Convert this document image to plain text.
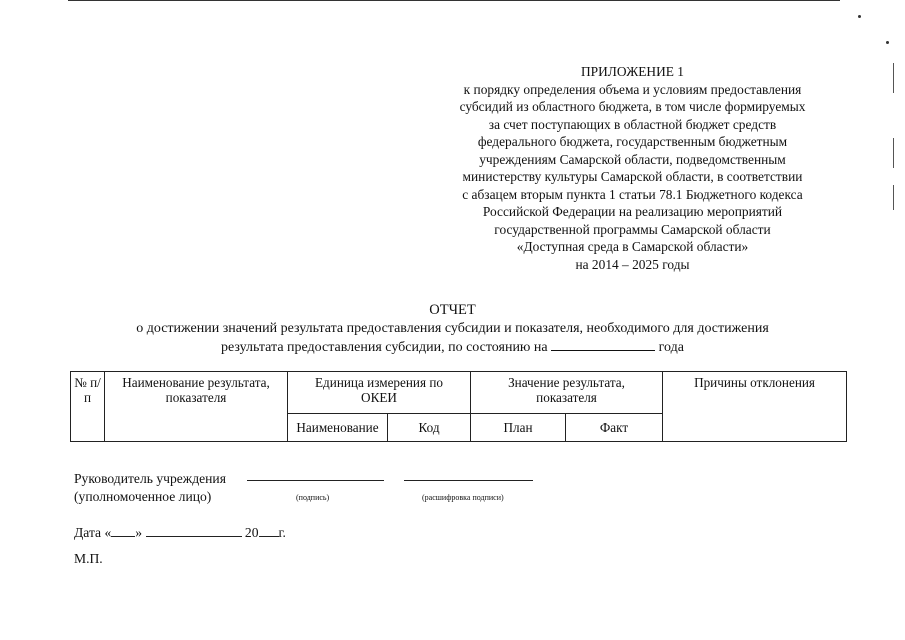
ПРИЛОЖЕНИЕ 1
к порядку определения объема и условиям предоставления
субсидий из областного бюджета, в том числе формируемых
за счет поступающих в областной бюджет средств
федерального бюджета, государственным бюджетным
учреждениям Самарской области, подведомственным
министерству культуры Самарской области, в соответствии
с абзацем вторым пункта 1 статьи 78.1 Бюджетного кодекса
Российской Федерации на реализацию мероприятий
государственной программы Самарской области
«Доступная среда в Самарской области»
на 2014 – 2025 годы
ОТЧЕТ
о достижении значений результата предоставления субсидии и показателя, необходимого для достижения
результата предоставления субсидии, по состоянию на	года
№ п/п	Наименование результата, показателя	Единица измерения по ОКЕИ		Значение результата, показателя		Причины отклонения
		Наименование	Код	План	Факт	
Руководитель учреждения
(уполномоченное лицо)	(подпись)	(расшифровка подписи)
Дата « »	20 г.
М.П.
